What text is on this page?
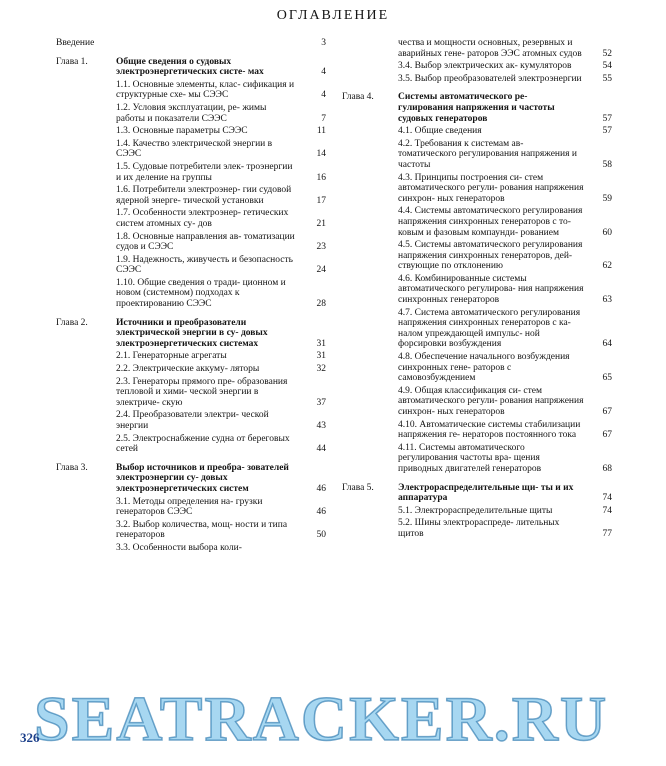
ОГЛАВЛЕНИЕ
Введение	3
Глава 1.	Общие сведения о судовых электроэнергетических систе- мах	4
1.1. Основные элементы, клас- сификация и структурные схе- мы СЭЭС	4
1.2. Условия эксплуатации, ре- жимы работы и показатели СЭЭС	7
1.3. Основные параметры СЭЭС	11
1.4. Качество электрической энергии в СЭЭС	14
1.5. Судовые потребители элек- троэнергии и их деление на группы	16
1.6. Потребители электроэнер- гии судовой ядерной энерге- тической установки	17
1.7. Особенности электроэнер- гетических систем атомных су- дов	21
1.8. Основные направления ав- томатизации судов и СЭЭС	23
1.9. Надежность, живучесть и безопасность СЭЭС	24
1.10. Общие сведения о тради- ционном и новом (системном) подходах к проектированию СЭЭС	28
Глава 2.	Источники и преобразователи электрической энергии в су- довых электроэнергетических системах	31
2.1. Генераторные агрегаты	31
2.2. Электрические аккуму- ляторы	32
2.3. Генераторы прямого пре- образования тепловой и хими- ческой энергии в электриче- скую	37
2.4. Преобразователи электри- ческой энергии	43
2.5. Электроснабжение судна от береговых сетей	44
Глава 3.	Выбор источников и преобра- зователей электроэнергии су- довых электроэнергетических систем	46
3.1. Методы определения на- грузки генераторов СЭЭС	46
3.2. Выбор количества, мощ- ности и типа генераторов	50
3.3. Особенности выбора коли-
чества и мощности основных, резервных и аварийных гене- раторов ЭЭС атомных судов 52
3.4. Выбор электрических ак- кумуляторов	54
3.5. Выбор преобразователей электроэнергии 55
Глава 4.	Системы автоматического ре- гулирования напряжения и частоты судовых генераторов	57
4.1. Общие сведения	57
4.2. Требования к системам ав- томатического регулирования напряжения и частоты	58
4.3. Принципы построения си- стем автоматического регули- рования напряжения синхрон- ных генераторов	59
4.4. Системы автоматического регулирования напряжения синхронных генераторов с то- ковым и фазовым компаунди- рованием	60
4.5. Системы автоматического регулирования напряжения синхронных генераторов, дей- ствующие по отклонению	62
4.6. Комбинированные системы автоматического регулирова- ния напряжения синхронных генераторов	63
4.7. Система автоматического регулирования напряжения синхронных генераторов с ка- налом упреждающей импульс- ной форсировки возбуждения	64
4.8. Обеспечение начального возбуждения синхронных гене- раторов с самовозбуждением	65
4.9. Общая классификация си- стем автоматического регули- рования напряжения синхрон- ных генераторов	67
4.10. Автоматические системы стабилизации напряжения ге- нераторов постоянного тока	67
4.11. Системы автоматического регулирования частоты вра- щения приводных двигателей генераторов	68
Глава 5.	Электрораспределительные щи- ты и их аппаратура	74
5.1. Электрораспределительные щиты	74
5.2. Шины электрораспреде- лительных щитов	77
SEATRACKER.RU
326
